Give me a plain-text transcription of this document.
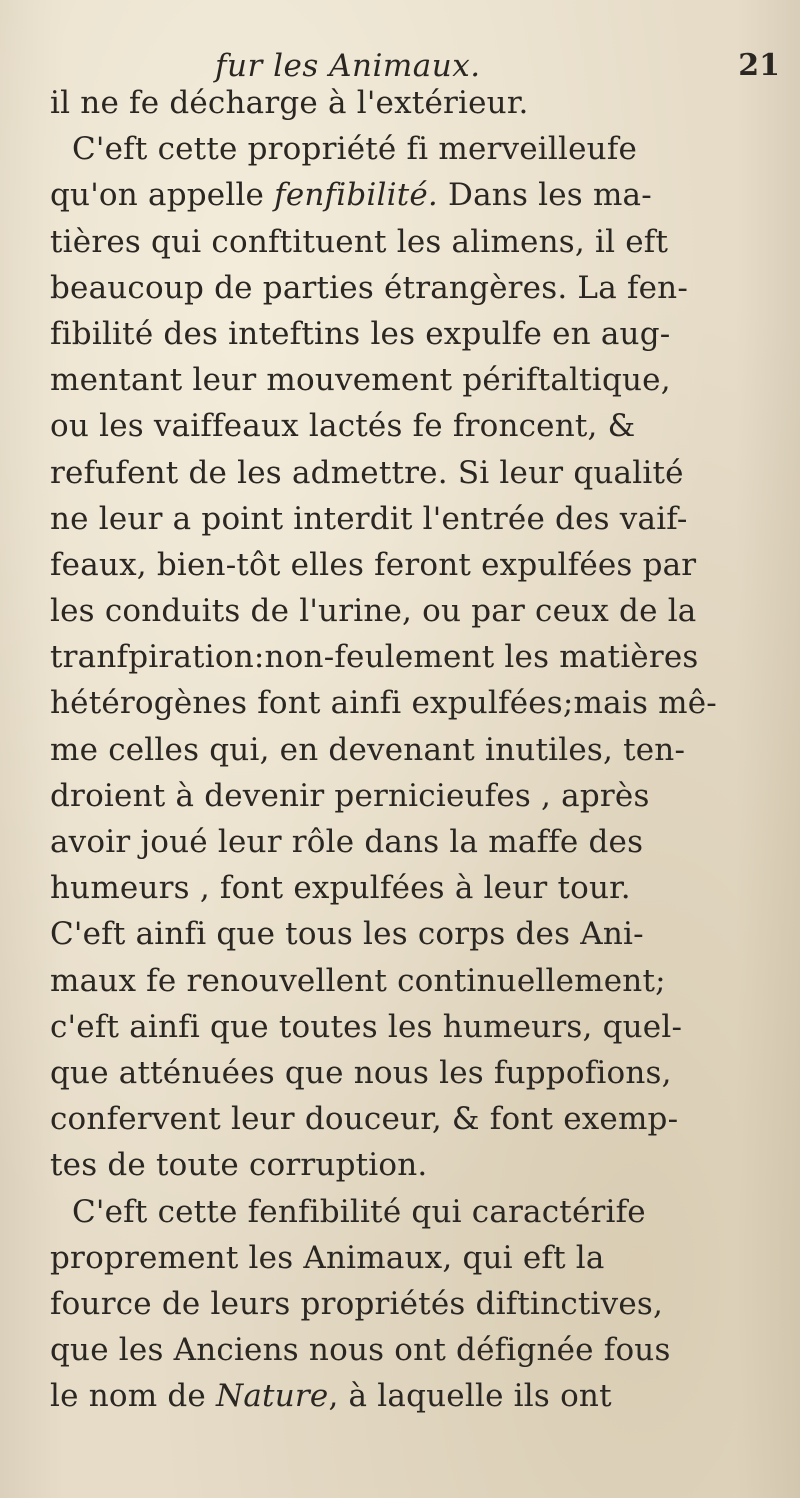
fur les Animaux.	21
il ne fe décharge à l'extérieur.
C'eft cette propriété fi merveilleufe
qu'on appelle fenfibilité. Dans les ma-
tières qui conftituent les alimens, il eft
beaucoup de parties étrangères. La fen-
fibilité des inteftins les expulfe en aug-
mentant leur mouvement périftaltique,
ou les vaiffeaux lactés fe froncent, &
refufent de les admettre. Si leur qualité
ne leur a point interdit l'entrée des vaif-
feaux, bien-tôt elles feront expulfées par
les conduits de l'urine, ou par ceux de la
tranfpiration:non-feulement les matières
hétérogènes font ainfi expulfées;mais mê-
me celles qui, en devenant inutiles, ten-
droient à devenir pernicieufes , après
avoir joué leur rôle dans la maffe des
humeurs , font expulfées à leur tour.
C'eft ainfi que tous les corps des Ani-
maux fe renouvellent continuellement;
c'eft ainfi que toutes les humeurs, quel-
que atténuées que nous les fuppofions,
confervent leur douceur, & font exemp-
tes de toute corruption.
C'eft cette fenfibilité qui caractérife
proprement les Animaux, qui eft la
fource de leurs propriétés diftinctives,
que les Anciens nous ont défignée fous
le nom de Nature, à laquelle ils ont
